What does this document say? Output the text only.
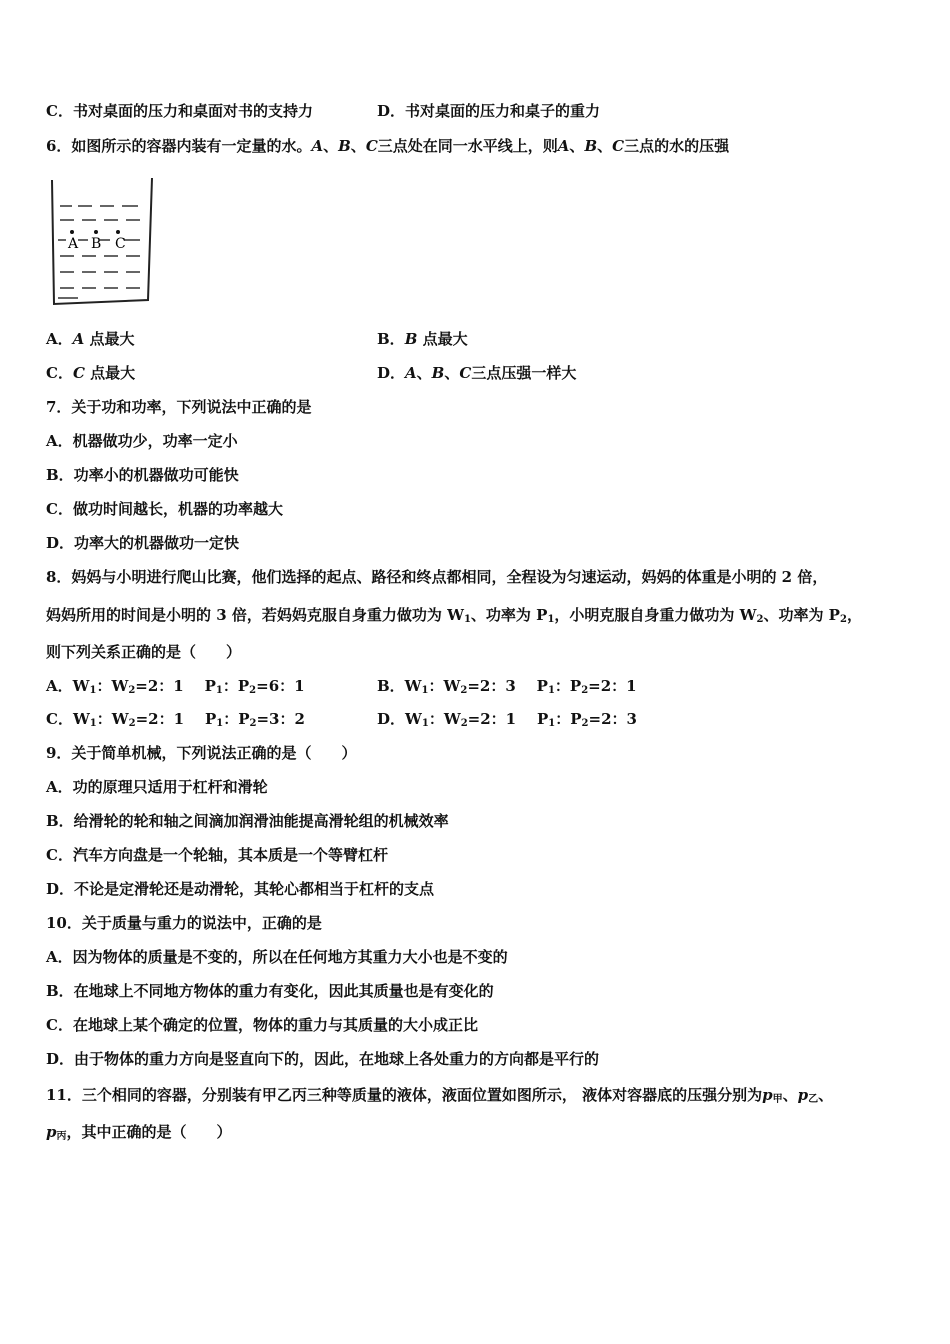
C．书对桌面的压力和桌面对书的支持力	D．书对桌面的压力和桌子的重力
6．如图所示的容器内装有一定量的水。A、B、C三点处在同一水平线上，则A、B、C三点的水的压强
A B C
A．A 点最大	B．B 点最大
C．C 点最大	D．A、B、C三点压强一样大
7．关于功和功率，下列说法中正确的是
A．机器做功少，功率一定小
B．功率小的机器做功可能快
C．做功时间越长，机器的功率越大
D．功率大的机器做功一定快
8．妈妈与小明进行爬山比赛，他们选择的起点、路径和终点都相同，全程设为匀速运动，妈妈的体重是小明的 2 倍，
妈妈所用的时间是小明的 3 倍，若妈妈克服自身重力做功为 $W_1$、功率为 $P_1$，小明克服自身重力做功为 $W_2$、功率为 $P_2$，
则下列关系正确的是（　　）
A．$W_1$：$W_2=2$：1 $P_1$：$P_2=6$：1	B．$W_1$：$W_2=2$：3 $P_1$：$P_2=2$：1
C．$W_1$：$W_2=2$：1 $P_1$：$P_2=3$：2	D．$W_1$：$W_2=2$：1 $P_1$：$P_2=2$：3
9．关于简单机械，下列说法正确的是（　　）
A．功的原理只适用于杠杆和滑轮
B．给滑轮的轮和轴之间滴加润滑油能提高滑轮组的机械效率
C．汽车方向盘是一个轮轴，其本质是一个等臂杠杆
D．不论是定滑轮还是动滑轮，其轮心都相当于杠杆的支点
10．关于质量与重力的说法中，正确的是
A．因为物体的质量是不变的，所以在任何地方其重力大小也是不变的
B．在地球上不同地方物体的重力有变化，因此其质量也是有变化的
C．在地球上某个确定的位置，物体的重力与其质量的大小成正比
D．由于物体的重力方向是竖直向下的，因此，在地球上各处重力的方向都是平行的
11．三个相同的容器，分别装有甲乙丙三种等质量的液体，液面位置如图所示， 液体对容器底的压强分别为$p_甲$、$p_乙$、
$p_丙$，其中正确的是（　　）
